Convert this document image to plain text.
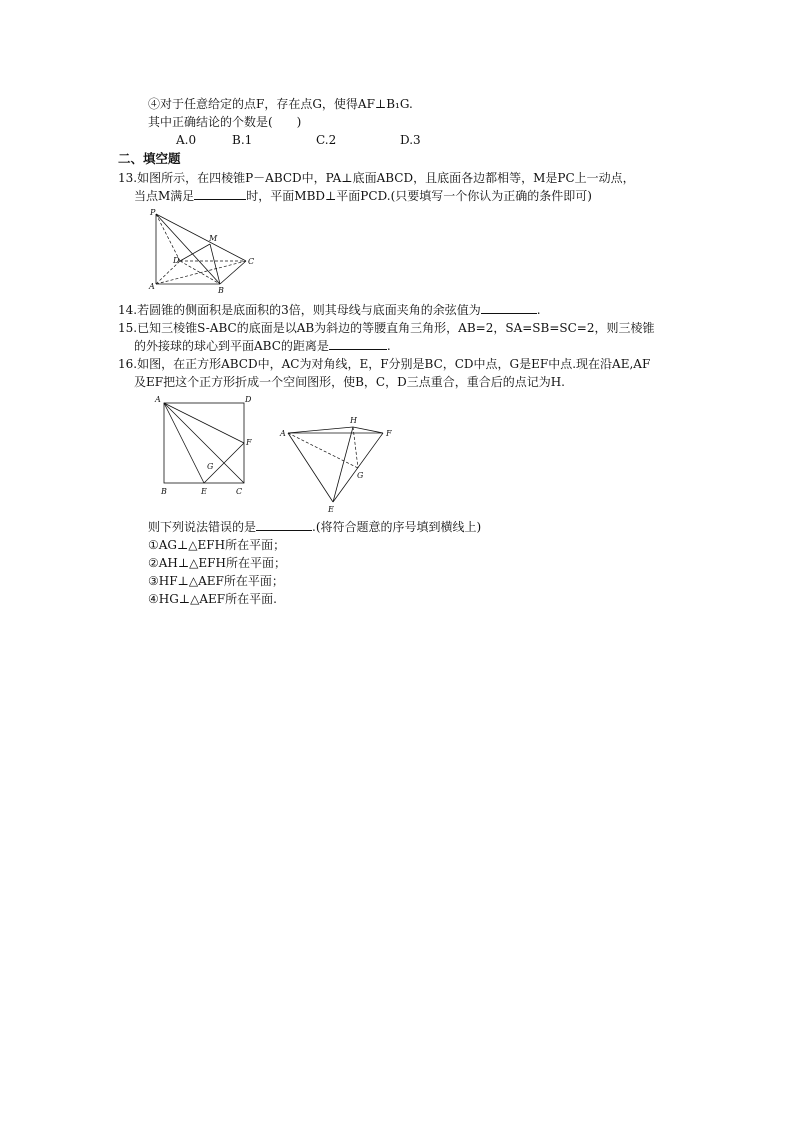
④对于任意给定的点F，存在点G，使得AF⊥B₁G.
其中正确结论的个数是(　　)
A.0	B.1	C.2	D.3
二、填空题
13.如图所示，在四棱锥P－ABCD中，PA⊥底面ABCD，且底面各边都相等，M是PC上一动点，
当点M满足	时，平面MBD⊥平面PCD.(只要填写一个你认为正确的条件即可)
P
M
D	C
A	B
14.若圆锥的侧面积是底面积的3倍，则其母线与底面夹角的余弦值为	.
15.已知三棱锥S-ABC的底面是以AB为斜边的等腰直角三角形，AB=2，SA=SB=SC=2，则三棱锥
的外接球的球心到平面ABC的距离是	.
16.如图，在正方形ABCD中，AC为对角线，E，F分别是BC，CD中点，G是EF中点.现在沿AE,AF
及EF把这个正方形折成一个空间图形，使B，C，D三点重合，重合后的点记为H.
A	D
F
G
B	E	C
H
A	F
G
E
则下列说法错误的是	.(将符合题意的序号填到横线上)
①AG⊥△EFH所在平面；
②AH⊥△EFH所在平面；
③HF⊥△AEF所在平面；
④HG⊥△AEF所在平面.
